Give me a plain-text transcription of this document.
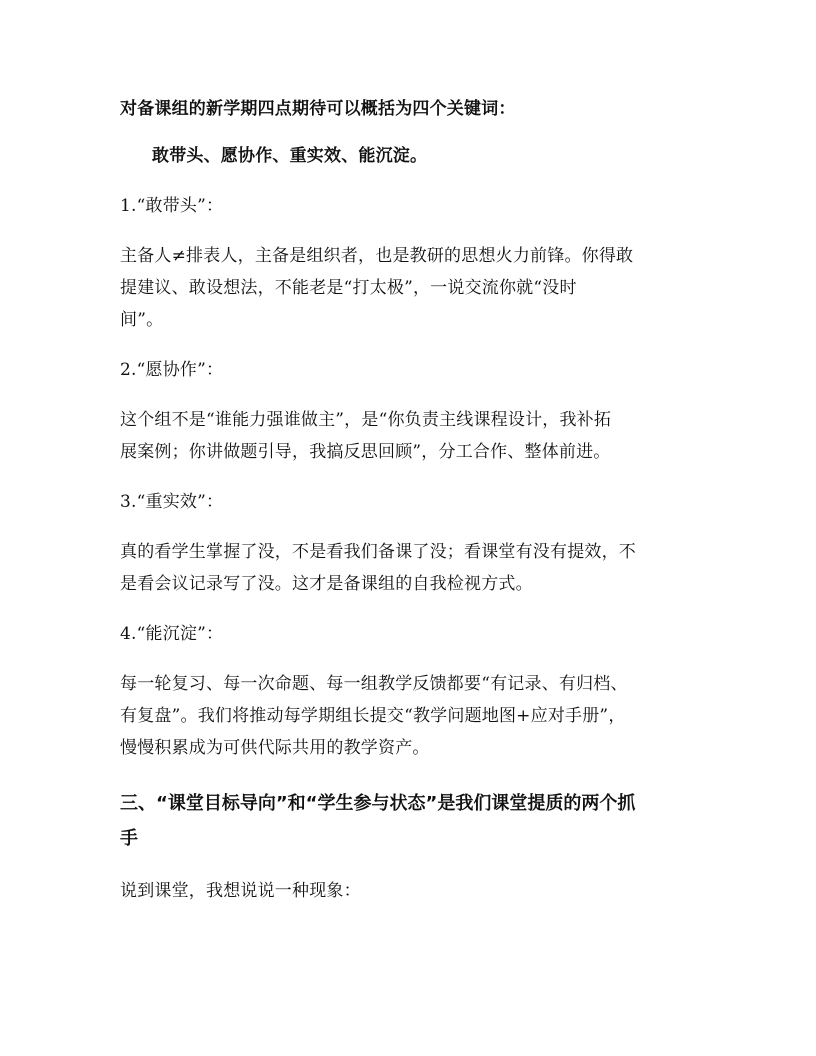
对备课组的新学期四点期待可以概括为四个关键词：

敢带头、愿协作、重实效、能沉淀。

1.“敢带头”：

主备人≠排表人，主备是组织者，也是教研的思想火力前锋。你得敢

提建议、敢设想法，不能老是“打太极”，一说交流你就“没时

间”。

2.“愿协作”：

这个组不是“谁能力强谁做主”，是“你负责主线课程设计，我补拓

展案例；你讲做题引导，我搞反思回顾”，分工合作、整体前进。

3.“重实效”：

真的看学生掌握了没，不是看我们备课了没；看课堂有没有提效，不

是看会议记录写了没。这才是备课组的自我检视方式。

4.“能沉淀”：

每一轮复习、每一次命题、每一组教学反馈都要“有记录、有归档、

有复盘”。我们将推动每学期组长提交“教学问题地图+应对手册”，

慢慢积累成为可供代际共用的教学资产。

三、“课堂目标导向”和“学生参与状态”是我们课堂提质的两个抓
手

说到课堂，我想说说一种现象：
